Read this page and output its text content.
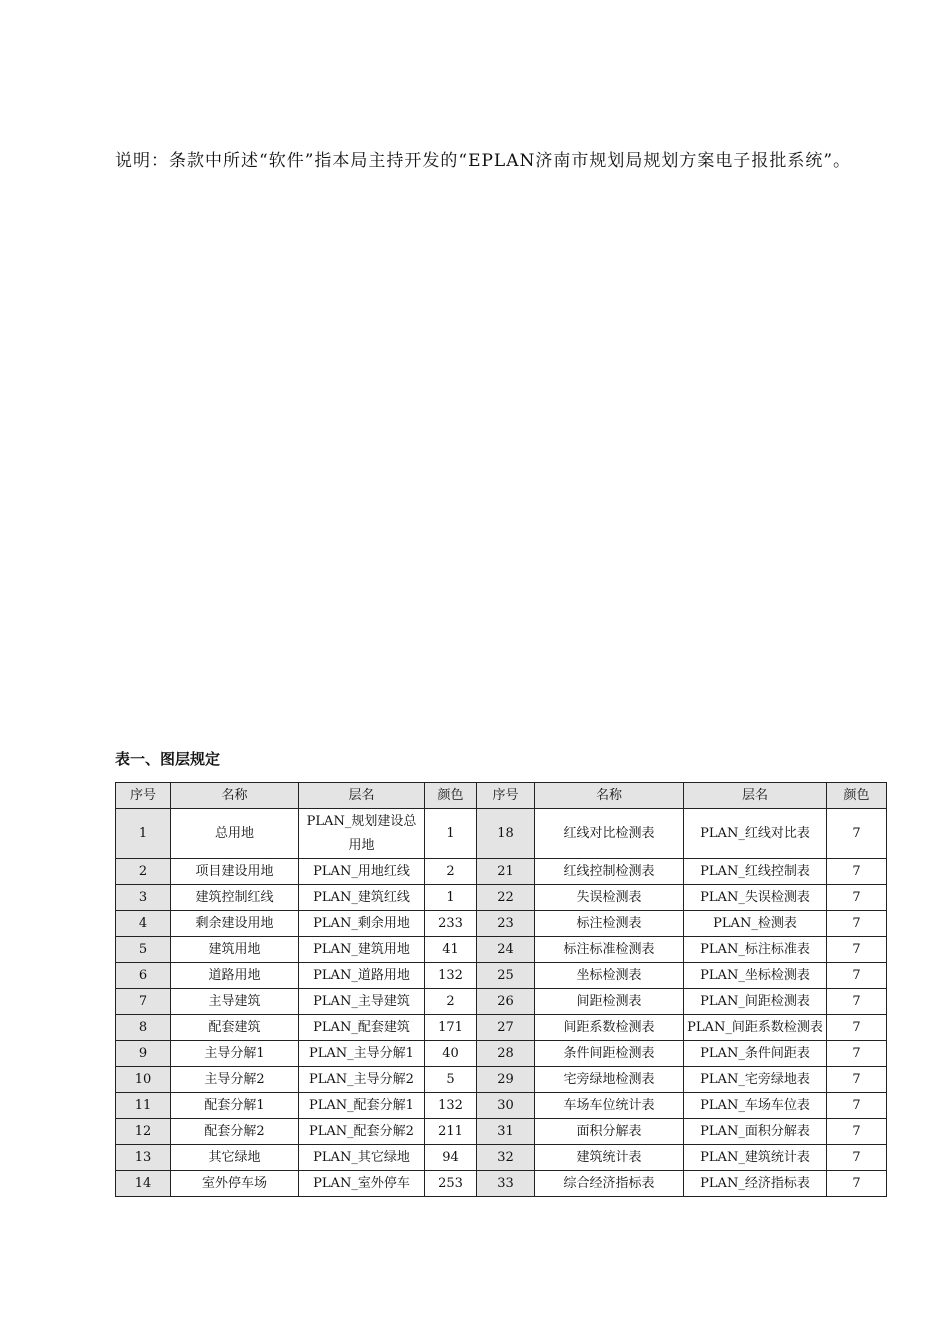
说明：条款中所述“软件”指本局主持开发的“EPLAN济南市规划局规划方案电子报批系统”。

表一、图层规定
序号	名称	层名	颜色	序号	名称	层名	颜色
1	总用地	PLAN_规划建设总用地	1	18	红线对比检测表	PLAN_红线对比表	7
2	项目建设用地	PLAN_用地红线	2	21	红线控制检测表	PLAN_红线控制表	7
3	建筑控制红线	PLAN_建筑红线	1	22	失误检测表	PLAN_失误检测表	7
4	剩余建设用地	PLAN_剩余用地	233	23	标注检测表	PLAN_检测表	7
5	建筑用地	PLAN_建筑用地	41	24	标注标准检测表	PLAN_标注标准表	7
6	道路用地	PLAN_道路用地	132	25	坐标检测表	PLAN_坐标检测表	7
7	主导建筑	PLAN_主导建筑	2	26	间距检测表	PLAN_间距检测表	7
8	配套建筑	PLAN_配套建筑	171	27	间距系数检测表	PLAN_间距系数检测表	7
9	主导分解1	PLAN_主导分解1	40	28	条件间距检测表	PLAN_条件间距表	7
10	主导分解2	PLAN_主导分解2	5	29	宅旁绿地检测表	PLAN_宅旁绿地表	7
11	配套分解1	PLAN_配套分解1	132	30	车场车位统计表	PLAN_车场车位表	7
12	配套分解2	PLAN_配套分解2	211	31	面积分解表	PLAN_面积分解表	7
13	其它绿地	PLAN_其它绿地	94	32	建筑统计表	PLAN_建筑统计表	7
14	室外停车场	PLAN_室外停车	253	33	综合经济指标表	PLAN_经济指标表	7
